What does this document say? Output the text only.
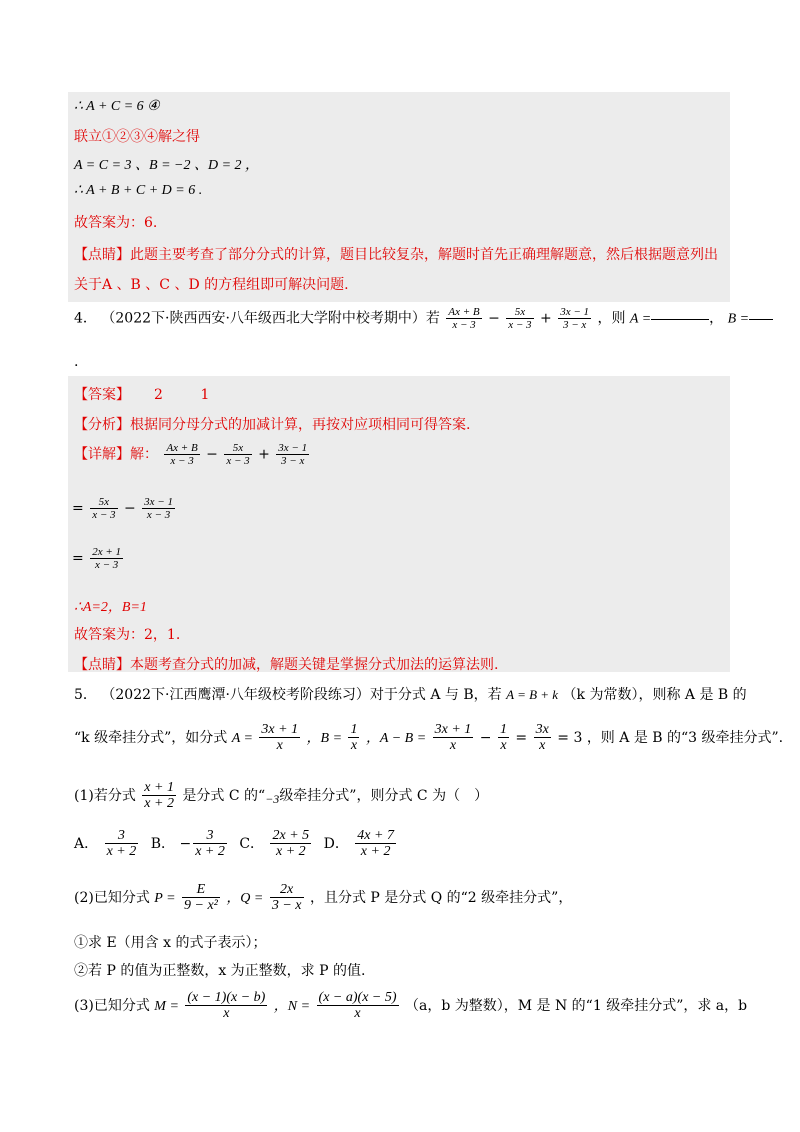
∴ A + C = 6 ④
联立①②③④解之得
A = C = 3 、B = −2 、D = 2 ，
∴ A + B + C + D = 6 .
故答案为：6.
【点睛】此题主要考查了部分分式的计算，题目比较复杂，解题时首先正确理解题意，然后根据题意列出
关于A 、B 、C 、D 的方程组即可解决问题.
4． （2022下·陕西西安·八年级西北大学附中校考期中）若 $\frac{Ax + B}{x - 3} - \frac{5x}{x - 3} + \frac{3x - 1}{3 - x}$ ，则 A =	， B =
.
【答案】 2	1
【分析】根据同分母分式的加减计算，再按对应项相同可得答案.
【详解】解： $\frac{Ax + B}{x - 3} - \frac{5x}{x - 3} + \frac{3x - 1}{3 - x}$
= $\frac{5x}{x - 3} - \frac{3x - 1}{x - 3}$
= $\frac{2x + 1}{x - 3}$
∴A=2，B=1
故答案为：2，1.
【点睛】本题考查分式的加减，解题关键是掌握分式加法的运算法则.
5． （2022下·江西鹰潭·八年级校考阶段练习）对于分式 A 与 B，若 A = B + k （k 为常数），则称 A 是 B 的
“k 级牵挂分式”，如分式 $A = \frac{3x + 1}{x}$ ，$B = \frac{1}{x}$ ，$A - B = \frac{3x + 1}{x} - \frac{1}{x} = \frac{3x}{x} = 3$ ，则 A 是 B 的“3 级牵挂分式”.
(1)若分式 $\frac{x + 1}{x + 2}$ 是分式 C 的“−3级牵挂分式”，则分式 C 为（　）
A． $\frac{3}{x + 2}$ B． − $\frac{3}{x + 2}$ C． $\frac{2x + 5}{x + 2}$ D． $\frac{4x + 7}{x + 2}$
(2)已知分式 $P = \frac{E}{\text{9 − x²}}$ ，$Q = \frac{2x}{3 - x}$ ，且分式 P 是分式 Q 的“2 级牵挂分式”，
①求 E（用含 x 的式子表示）；
②若 P 的值为正整数，x 为正整数，求 P 的值.
(3)已知分式 $M = \frac{(x - 1)(x - b)}{x}$ ，$N = \frac{(x - a)(x - 5)}{x} (a$，b 为整数），M 是 N 的“1 级牵挂分式”，求 a，b
